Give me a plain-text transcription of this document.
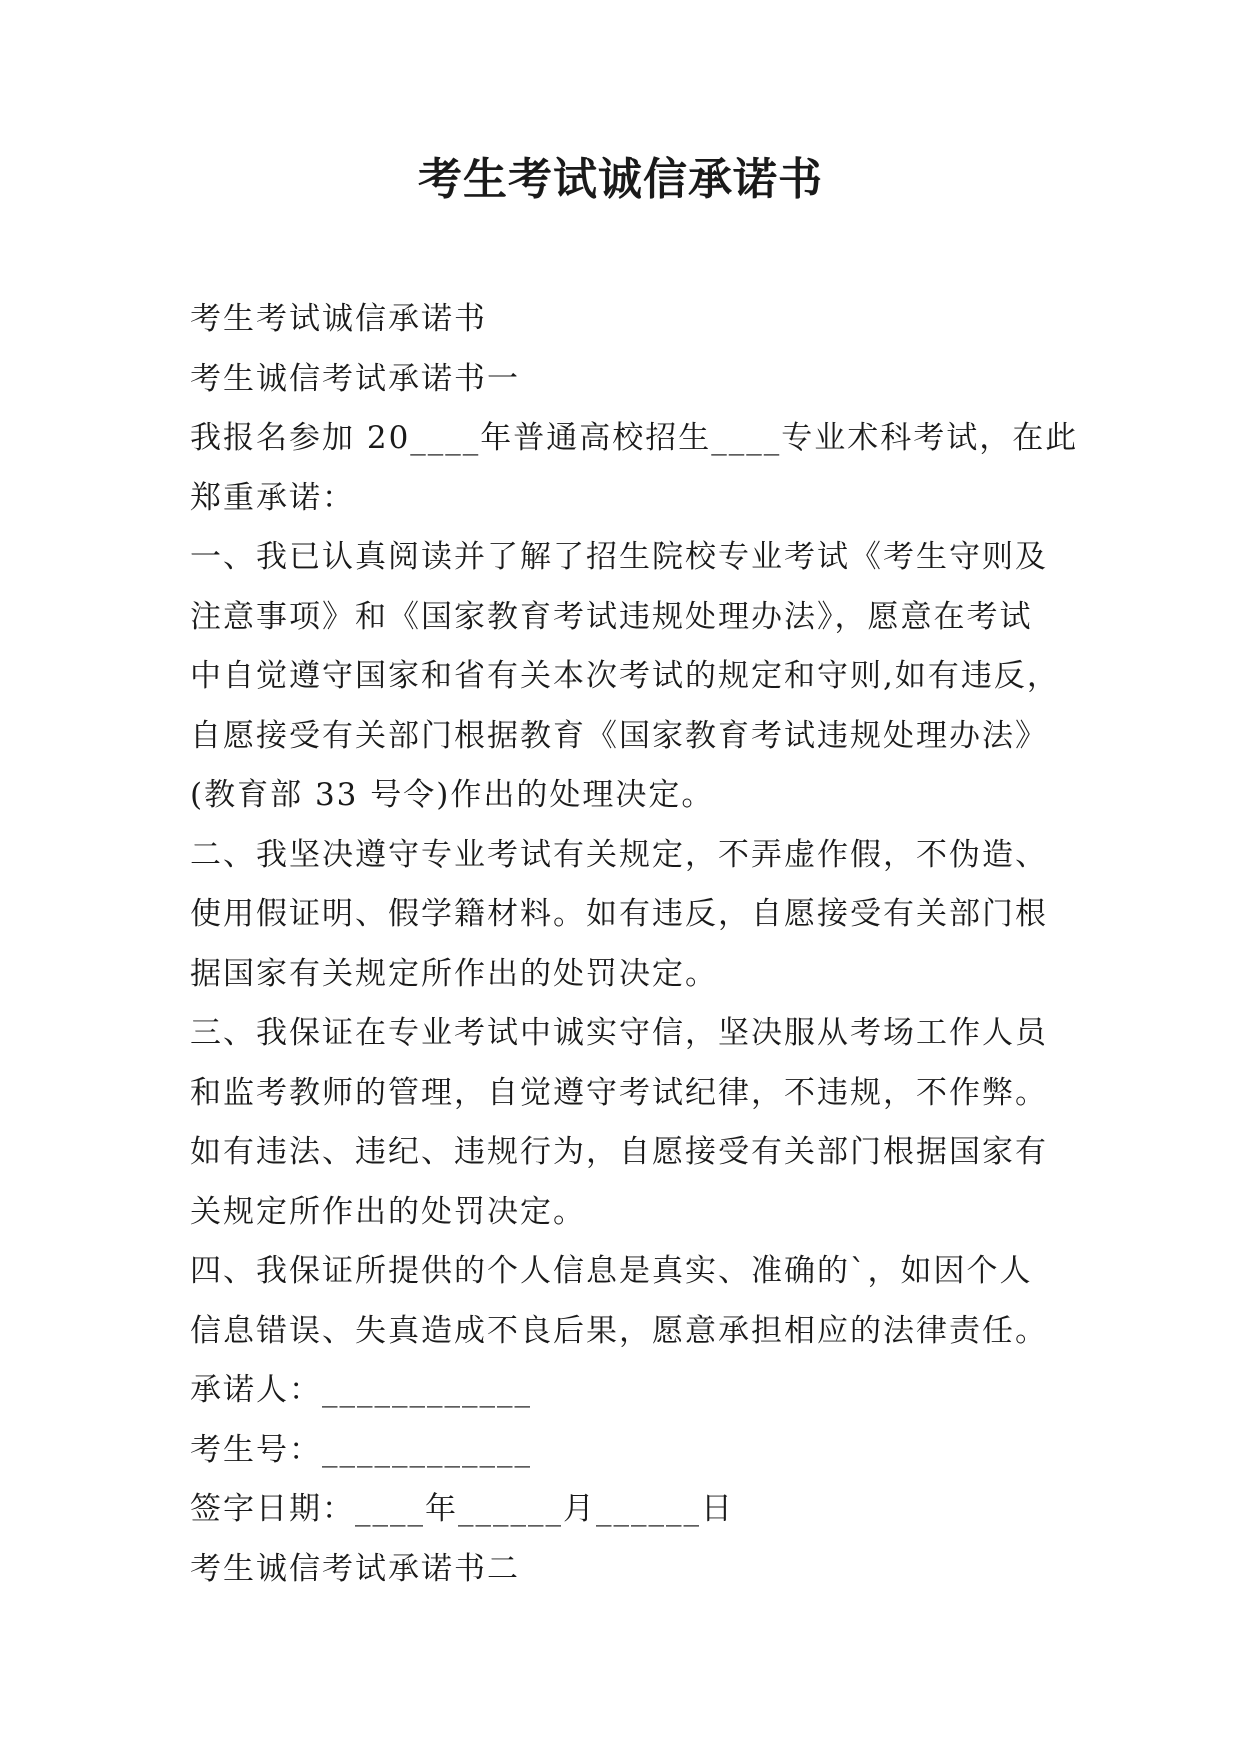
考生考试诚信承诺书
考生考试诚信承诺书
考生诚信考试承诺书一
我报名参加 20____年普通高校招生____专业术科考试，在此
郑重承诺：
一、我已认真阅读并了解了招生院校专业考试《考生守则及
注意事项》和《国家教育考试违规处理办法》，愿意在考试
中自觉遵守国家和省有关本次考试的规定和守则,如有违反，
自愿接受有关部门根据教育《国家教育考试违规处理办法》
(教育部 33 号令)作出的处理决定。
二、我坚决遵守专业考试有关规定，不弄虚作假，不伪造、
使用假证明、假学籍材料。如有违反，自愿接受有关部门根
据国家有关规定所作出的处罚决定。
三、我保证在专业考试中诚实守信，坚决服从考场工作人员
和监考教师的管理，自觉遵守考试纪律，不违规，不作弊。
如有违法、违纪、违规行为，自愿接受有关部门根据国家有
关规定所作出的处罚决定。
四、我保证所提供的个人信息是真实、准确的`，如因个人
信息错误、失真造成不良后果，愿意承担相应的法律责任。
承诺人：____________
考生号：____________
签字日期：____年______月______日
考生诚信考试承诺书二
